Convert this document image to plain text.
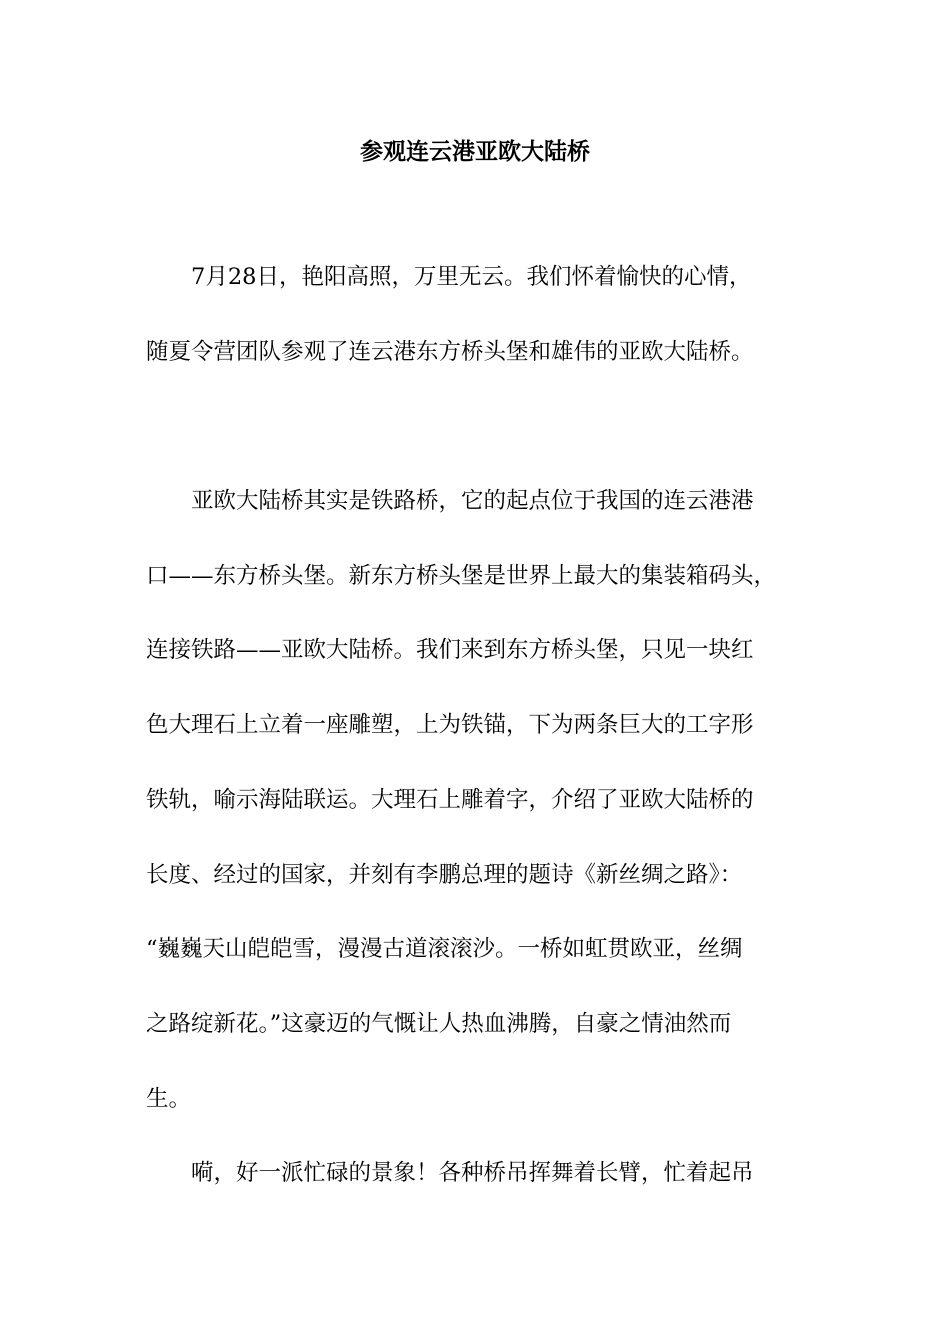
参观连云港亚欧大陆桥
　　7月28日，艳阳高照，万里无云。我们怀着愉快的心情，
随夏令营团队参观了连云港东方桥头堡和雄伟的亚欧大陆桥。
　　亚欧大陆桥其实是铁路桥，它的起点位于我国的连云港港
口——东方桥头堡。新东方桥头堡是世界上最大的集装箱码头，
连接铁路——亚欧大陆桥。我们来到东方桥头堡，只见一块红
色大理石上立着一座雕塑，上为铁锚，下为两条巨大的工字形
铁轨，喻示海陆联运。大理石上雕着字，介绍了亚欧大陆桥的
长度、经过的国家，并刻有李鹏总理的题诗《新丝绸之路》：
“巍巍天山皑皑雪，漫漫古道滚滚沙。一桥如虹贯欧亚，丝绸
之路绽新花。”这豪迈的气慨让人热血沸腾，自豪之情油然而
生。
　　嗬，好一派忙碌的景象！各种桥吊挥舞着长臂，忙着起吊
